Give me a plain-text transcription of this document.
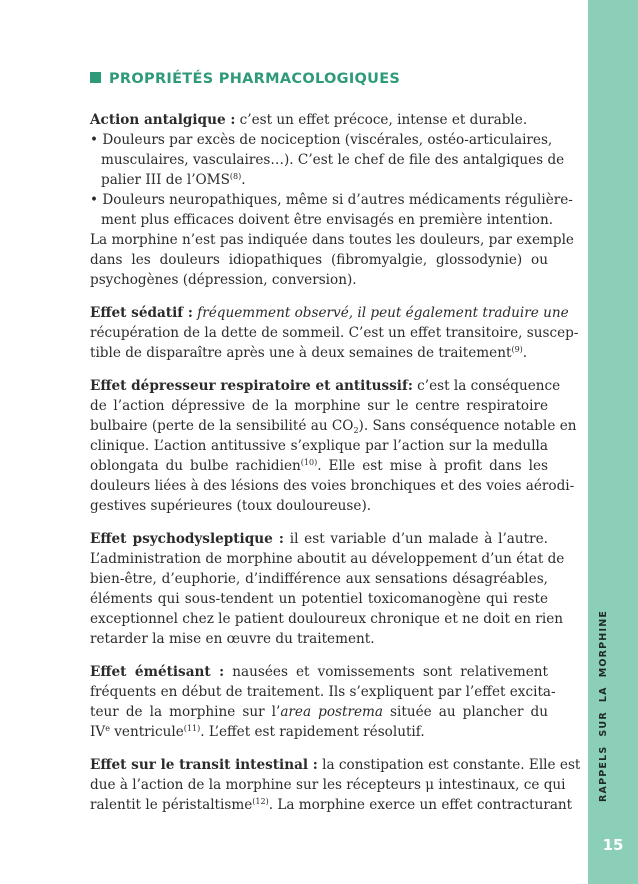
RAPPELS  SUR  LA  MORPHINE
15
PROPRIÉTÉS PHARMACOLOGIQUES
Action antalgique : c’est un effet précoce, intense et durable.
• Douleurs par excès de nociception (viscérales, ostéo-articulaires,
musculaires, vasculaires…). C’est le chef de file des antalgiques de
palier III de l’OMS$^{(8)}$.
• Douleurs neuropathiques, même si d’autres médicaments régulière-
ment plus efficaces doivent être envisagés en première intention.
La morphine n’est pas indiquée dans toutes les douleurs, par exemple
dans les douleurs idiopathiques (fibromyalgie, glossodynie) ou
psychogènes (dépression, conversion).
Effet sédatif : fréquemment observé, il peut également traduire une
récupération de la dette de sommeil. C’est un effet transitoire, suscep-
tible de disparaître après une à deux semaines de traitement$^{(9)}$.
Effet dépresseur respiratoire et antitussif: c’est la conséquence
de l’action dépressive de la morphine sur le centre respiratoire
bulbaire (perte de la sensibilité au $CO_2$). Sans conséquence notable en
clinique. L’action antitussive s’explique par l’action sur la medulla
oblongata du bulbe rachidien$^{(10)}$. Elle est mise à profit dans les
douleurs liées à des lésions des voies bronchiques et des voies aérodi-
gestives supérieures (toux douloureuse).
Effet psychodysleptique : il est variable d’un malade à l’autre.
L’administration de morphine aboutit au développement d’un état de
bien-être, d’euphorie, d’indifférence aux sensations désagréables,
éléments qui sous-tendent un potentiel toxicomanogène qui reste
exceptionnel chez le patient douloureux chronique et ne doit en rien
retarder la mise en œuvre du traitement.
Effet émétisant : nausées et vomissements sont relativement
fréquents en début de traitement. Ils s’expliquent par l’effet excita-
teur de la morphine sur l’area postrema située au plancher du
IVe ventricule$^{(11)}$. L’effet est rapidement résolutif.
Effet sur le transit intestinal : la constipation est constante. Elle est
due à l’action de la morphine sur les récepteurs μ intestinaux, ce qui
ralentit le péristaltisme$^{(12)}$. La morphine exerce un effet contracturant
